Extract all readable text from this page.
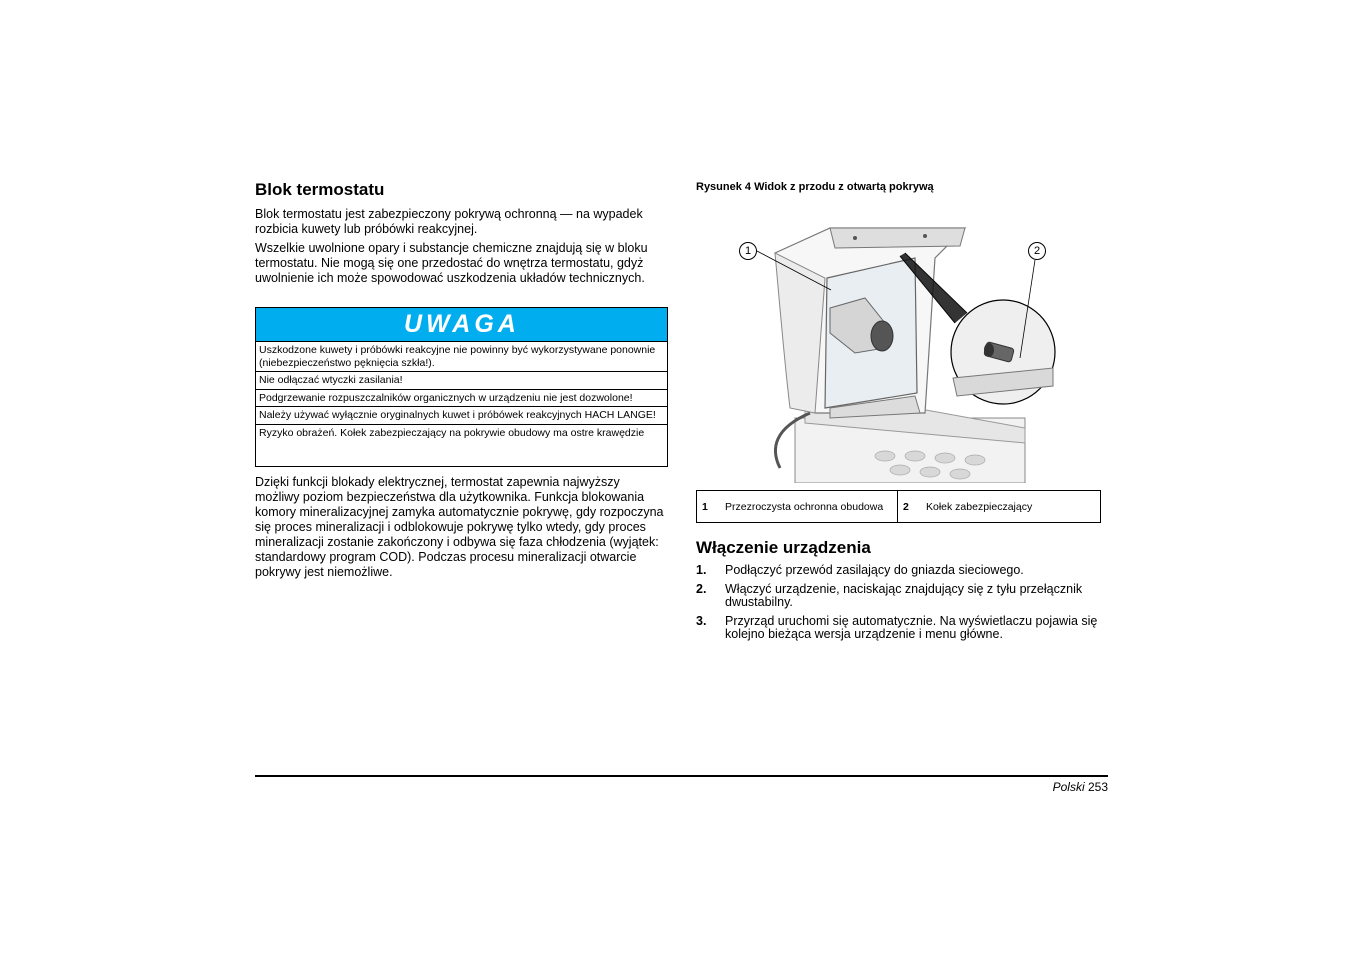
Blok termostatu

Blok termostatu jest zabezpieczony pokrywą ochronną — na wypadek rozbicia kuwety lub próbówki reakcyjnej.

Wszelkie uwolnione opary i substancje chemiczne znajdują się w bloku termostatu. Nie mogą się one przedostać do wnętrza termostatu, gdyż uwolnienie ich może spowodować uszkodzenia układów technicznych.

UWAGA
Uszkodzone kuwety i próbówki reakcyjne nie powinny być wykorzystywane ponownie (niebezpieczeństwo pęknięcia szkła!).
Nie odłączać wtyczki zasilania!
Podgrzewanie rozpuszczalników organicznych w urządzeniu nie jest dozwolone!
Należy używać wyłącznie oryginalnych kuwet i próbówek reakcyjnych HACH LANGE!
Ryzyko obrażeń. Kołek zabezpieczający na pokrywie obudowy ma ostre krawędzie

Dzięki funkcji blokady elektrycznej, termostat zapewnia najwyższy możliwy poziom bezpieczeństwa dla użytkownika. Funkcja blokowania komory mineralizacyjnej zamyka automatycznie pokrywę, gdy rozpoczyna się proces mineralizacji i odblokowuje pokrywę tylko wtedy, gdy proces mineralizacji zostanie zakończony i odbywa się faza chłodzenia (wyjątek: standardowy program COD). Podczas procesu mineralizacji otwarcie pokrywy jest niemożliwe.

Rysunek 4 Widok z przodu z otwartą pokrywą
1	2
1	Przezroczysta ochronna obudowa	2	Kołek zabezpieczający
Włączenie urządzenia
1.	Podłączyć przewód zasilający do gniazda sieciowego.
2.	Włączyć urządzenie, naciskając znajdujący się z tyłu przełącznik dwustabilny.
3.	Przyrząd uruchomi się automatycznie. Na wyświetlaczu pojawia się kolejno bieżąca wersja urządzenie i menu główne.
Polski 253
